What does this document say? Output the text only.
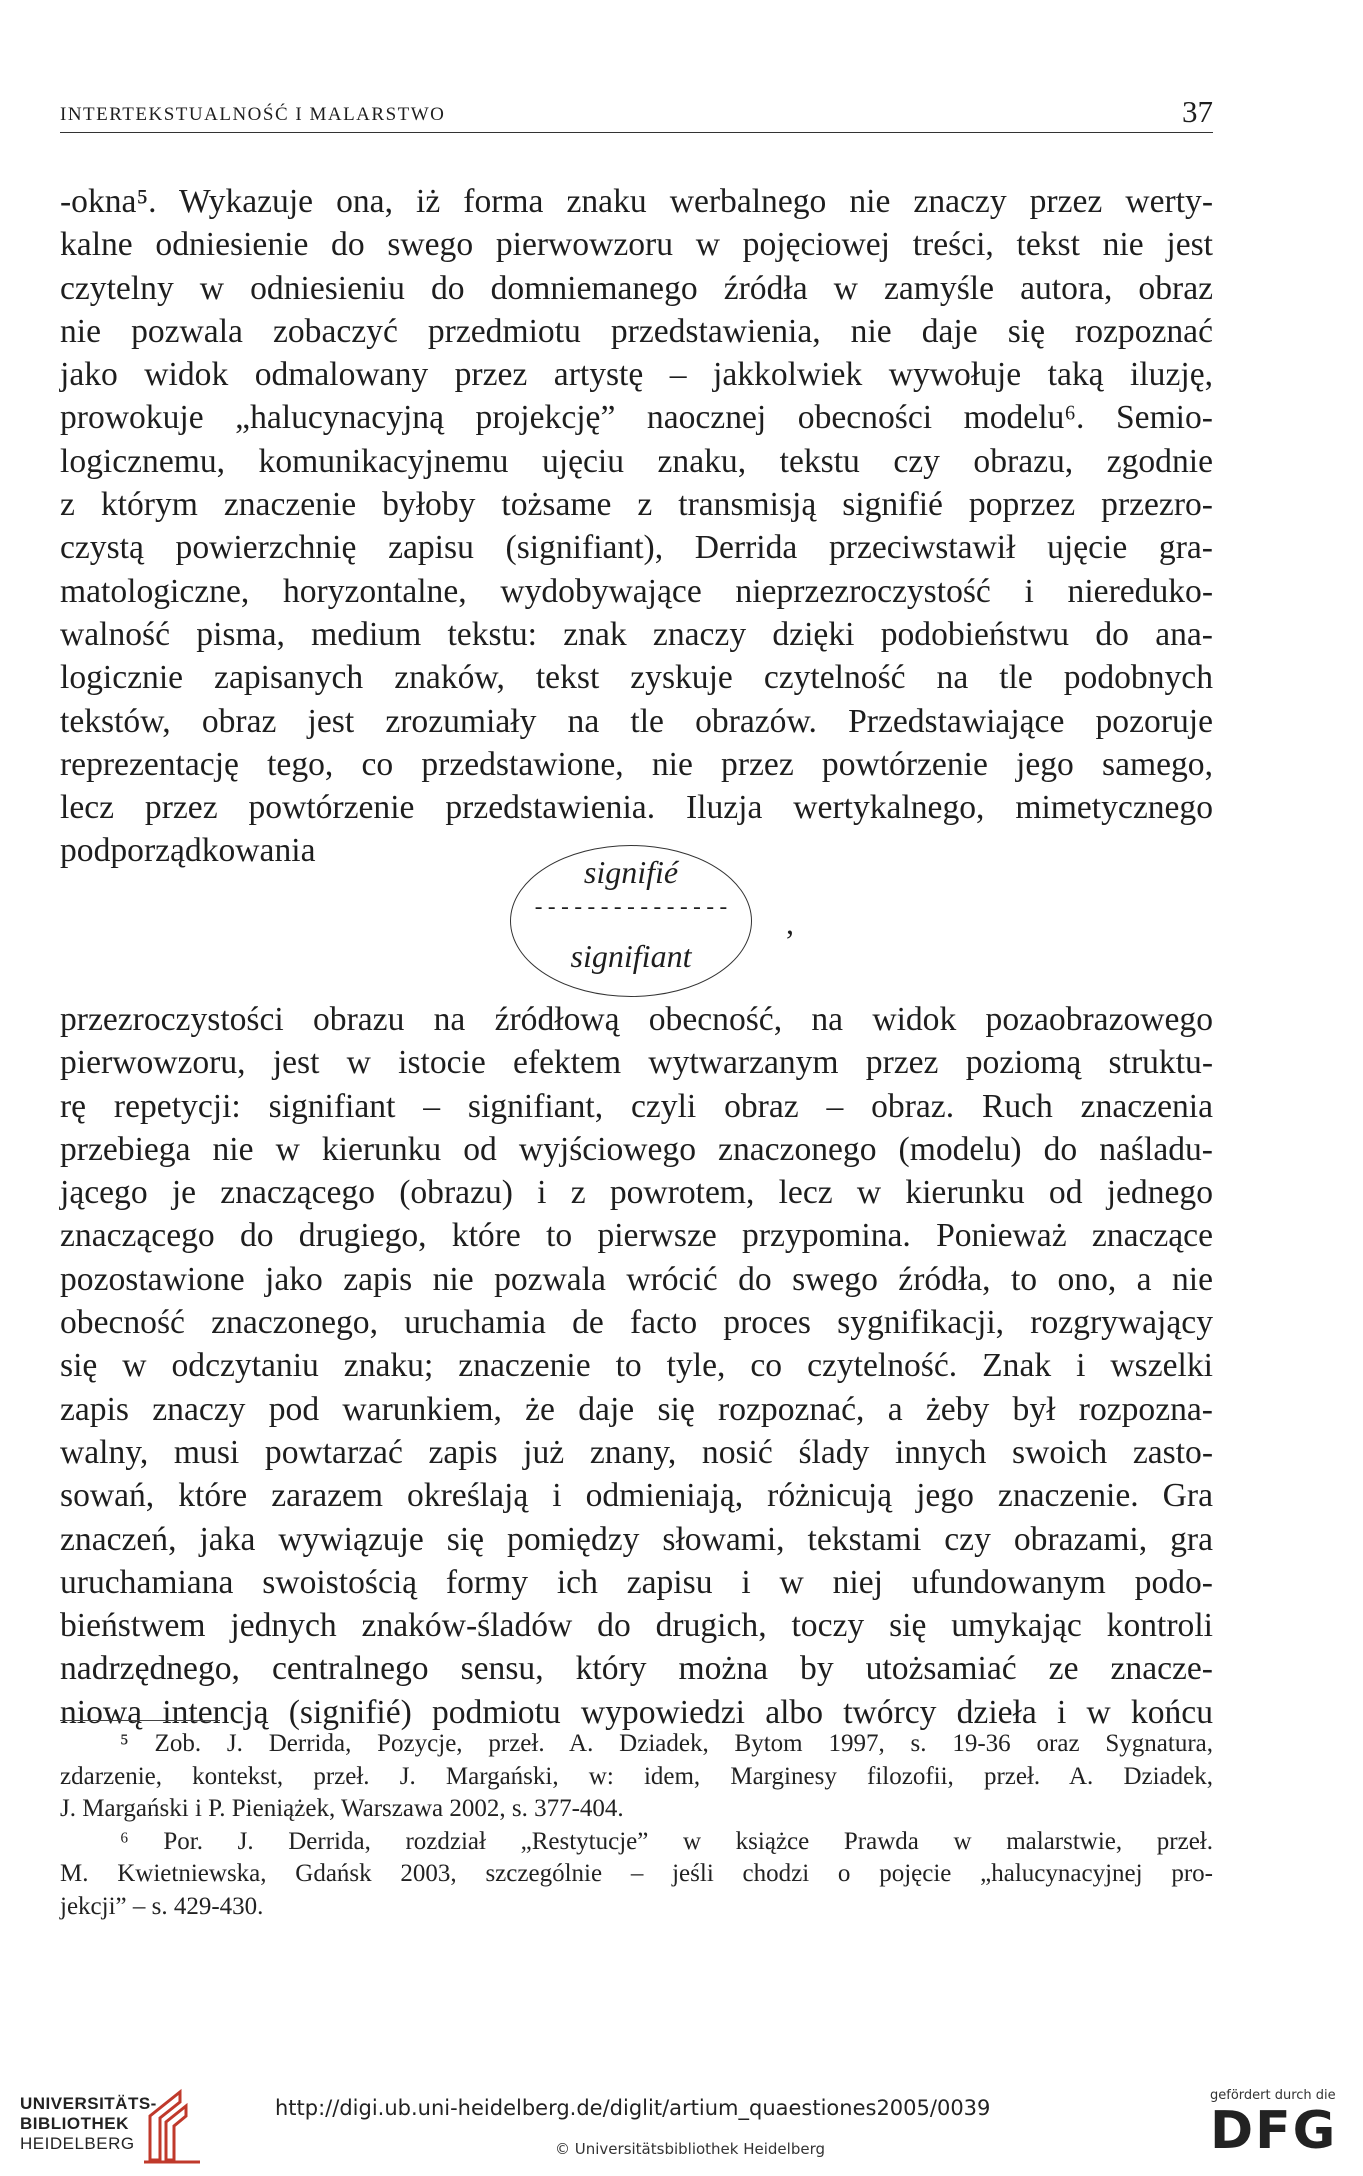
INTERTEKSTUALNOŚĆ I MALARSTWO	37
-okna⁵. Wykazuje ona, iż forma znaku werbalnego nie znaczy przez werty-
kalne odniesienie do swego pierwowzoru w pojęciowej treści, tekst nie jest
czytelny w odniesieniu do domniemanego źródła w zamyśle autora, obraz
nie pozwala zobaczyć przedmiotu przedstawienia, nie daje się rozpoznać
jako widok odmalowany przez artystę – jakkolwiek wywołuje taką iluzję,
prowokuje „halucynacyjną projekcję” naocznej obecności modelu⁶. Semio-
logicznemu, komunikacyjnemu ujęciu znaku, tekstu czy obrazu, zgodnie
z którym znaczenie byłoby tożsame z transmisją signifié poprzez przezro-
czystą powierzchnię zapisu (signifiant), Derrida przeciwstawił ujęcie gra-
matologiczne, horyzontalne, wydobywające nieprzezroczystość i niereduko-
walność pisma, medium tekstu: znak znaczy dzięki podobieństwu do ana-
logicznie zapisanych znaków, tekst zyskuje czytelność na tle podobnych
tekstów, obraz jest zrozumiały na tle obrazów. Przedstawiające pozoruje
reprezentację tego, co przedstawione, nie przez powtórzenie jego samego,
lecz przez powtórzenie przedstawienia. Iluzja wertykalnego, mimetycznego
podporządkowania
signifié
---------------
signifiant
,
przezroczystości obrazu na źródłową obecność, na widok pozaobrazowego
pierwowzoru, jest w istocie efektem wytwarzanym przez poziomą struktu-
rę repetycji: signifiant – signifiant, czyli obraz – obraz. Ruch znaczenia
przebiega nie w kierunku od wyjściowego znaczonego (modelu) do naśladu-
jącego je znaczącego (obrazu) i z powrotem, lecz w kierunku od jednego
znaczącego do drugiego, które to pierwsze przypomina. Ponieważ znaczące
pozostawione jako zapis nie pozwala wrócić do swego źródła, to ono, a nie
obecność znaczonego, uruchamia de facto proces sygnifikacji, rozgrywający
się w odczytaniu znaku; znaczenie to tyle, co czytelność. Znak i wszelki
zapis znaczy pod warunkiem, że daje się rozpoznać, a żeby był rozpozna-
walny, musi powtarzać zapis już znany, nosić ślady innych swoich zasto-
sowań, które zarazem określają i odmieniają, różnicują jego znaczenie. Gra
znaczeń, jaka wywiązuje się pomiędzy słowami, tekstami czy obrazami, gra
uruchamiana swoistością formy ich zapisu i w niej ufundowanym podo-
bieństwem jednych znaków-śladów do drugich, toczy się umykając kontroli
nadrzędnego, centralnego sensu, który można by utożsamiać ze znacze-
niową intencją (signifié) podmiotu wypowiedzi albo twórcy dzieła i w końcu
⁵ Zob. J. Derrida, Pozycje, przeł. A. Dziadek, Bytom 1997, s. 19-36 oraz Sygnatura,
zdarzenie, kontekst, przeł. J. Margański, w: idem, Marginesy filozofii, przeł. A. Dziadek,
J. Margański i P. Pieniążek, Warszawa 2002, s. 377-404.
⁶ Por. J. Derrida, rozdział „Restytucje” w książce Prawda w malarstwie, przeł.
M. Kwietniewska, Gdańsk 2003, szczególnie – jeśli chodzi o pojęcie „halucynacyjnej pro-
jekcji” – s. 429-430.
UNIVERSITÄTS-
BIBLIOTHEK
HEIDELBERG
http://digi.ub.uni-heidelberg.de/diglit/artium_quaestiones2005/0039
© Universitätsbibliothek Heidelberg
gefördert durch die
DFG
